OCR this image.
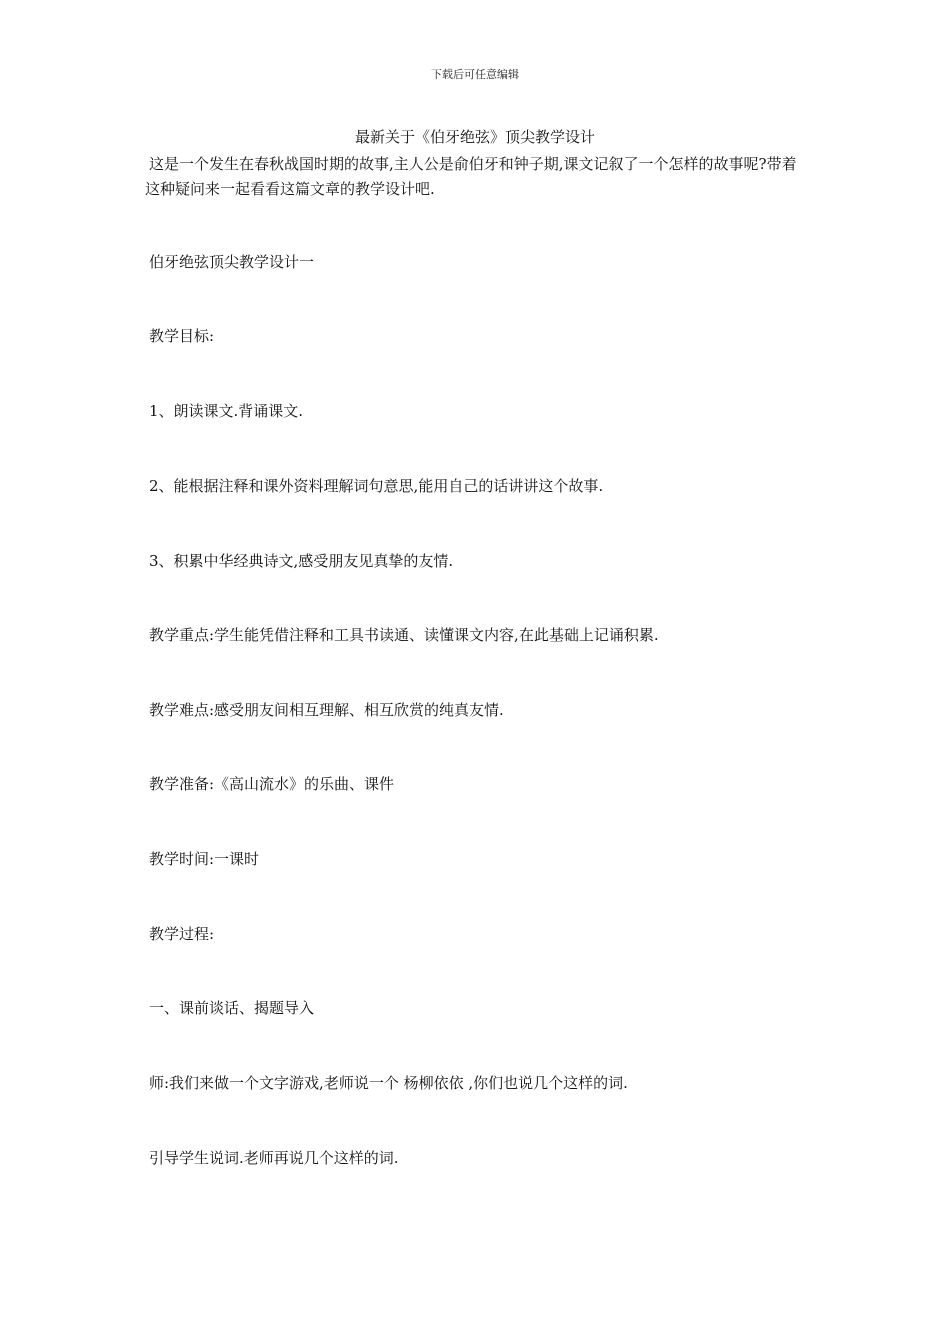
下载后可任意编辑
最新关于《伯牙绝弦》顶尖教学设计
这是一个发生在春秋战国时期的故事,主人公是俞伯牙和钟子期,课文记叙了一个怎样的故事呢?带着这种疑问来一起看看这篇文章的教学设计吧.
伯牙绝弦顶尖教学设计一
教学目标:
1、朗读课文.背诵课文.
2、能根据注释和课外资料理解词句意思,能用自己的话讲讲这个故事.
3、积累中华经典诗文,感受朋友见真挚的友情.
教学重点:学生能凭借注释和工具书读通、读懂课文内容,在此基础上记诵积累.
教学难点:感受朋友间相互理解、相互欣赏的纯真友情.
教学准备:《高山流水》的乐曲、课件
教学时间:一课时
教学过程:
一、课前谈话、揭题导入
师:我们来做一个文字游戏,老师说一个 杨柳依依 ,你们也说几个这样的词.
引导学生说词.老师再说几个这样的词.
